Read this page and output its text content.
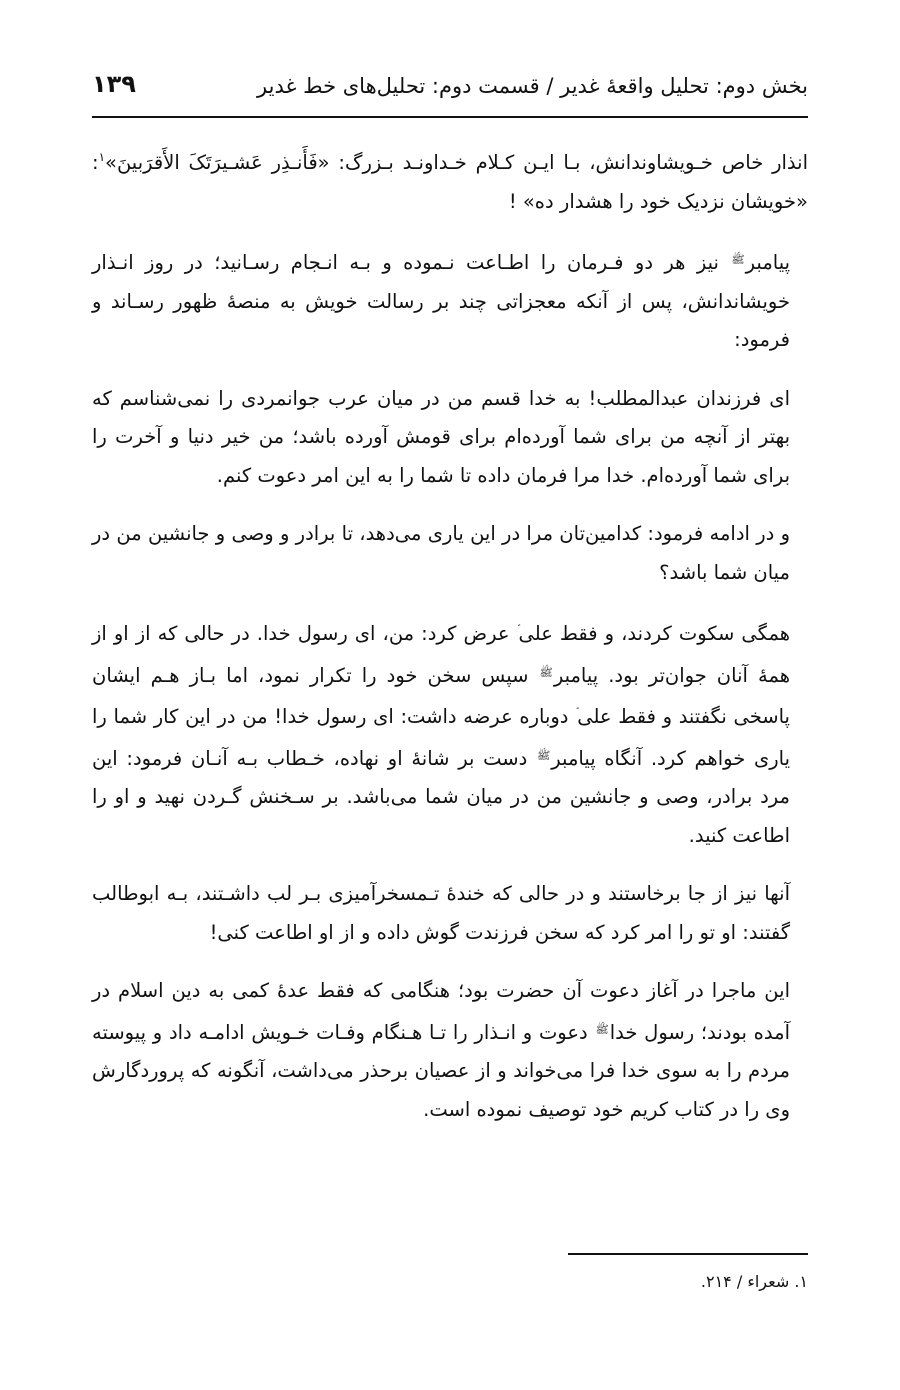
بخش دوم: تحلیل واقعهٔ غدیر / قسمت دوم: تحلیل‌های خط غدیر
۱۳۹

انذار خاص خـویشاوندانش، بـا ایـن کـلام خـداونـد بـزرگ: «فَأَنـذِر عَشـیرَتَکَ الأَقرَبینَ»$^۱$: «خویشان نزدیک خود را هشدار ده» !

پیامبر$^ﷺ$ نیز هر دو فـرمان را اطـاعت نـموده و بـه انـجام رسـانید؛ در روز انـذار خویشاندانش، پس از آنکه معجزاتی چند بر رسالت خویش به منصهٔ ظهور رسـاند و فرمود:

ای فرزندان عبدالمطلب! به خدا قسم من در میان عرب جوانمردی را نمی‌شناسم که بهتر از آنچه من برای شما آورده‌ام برای قومش آورده باشد؛ من خیر دنیا و آخرت را برای شما آورده‌ام. خدا مرا فرمان داده تا شما را به این امر دعوت کنم.

و در ادامه فرمود: کدامین‌تان مرا در این یاری می‌دهد، تا برادر و وصی و جانشین من در میان شما باشد؟

همگی سکوت کردند، و فقط علی عرض کرد: من، ای رسول خدا. در حالی که از او از همهٔ آنان جوان‌تر بود. پیامبر$^ﷺ$ سپس سخن خود را تکرار نمود، اما بـاز هـم ایشان پاسخی نگفتند و فقط علی دوباره عرضه داشت: ای رسول خدا! من در این کار شما را یاری خواهم کرد. آنگاه پیامبر$^ﷺ$ دست بر شانهٔ او نهاده، خـطاب بـه آنـان فرمود: این مرد برادر، وصی و جانشین من در میان شما می‌باشد. بر سـخنش گـردن نهید و او را اطاعت کنید.

آنها نیز از جا برخاستند و در حالی که خندهٔ تـمسخرآمیزی بـر لب داشـتند، بـه ابوطالب گفتند: او تو را امر کرد که سخن فرزندت گوش داده و از او اطاعت کنی!

این ماجرا در آغاز دعوت آن حضرت بود؛ هنگامی که فقط عدهٔ کمی به دین اسلام در آمده بودند؛ رسول خدا$^ﷺ$ دعوت و انـذار را تـا هـنگام وفـات خـویش ادامـه داد و پیوسته مردم را به سوی خدا فرا می‌خواند و از عصیان برحذر می‌داشت، آنگونه که پروردگارش وی را در کتاب کریم خود توصیف نموده است.

۱. شعراء / ۲۱۴.
